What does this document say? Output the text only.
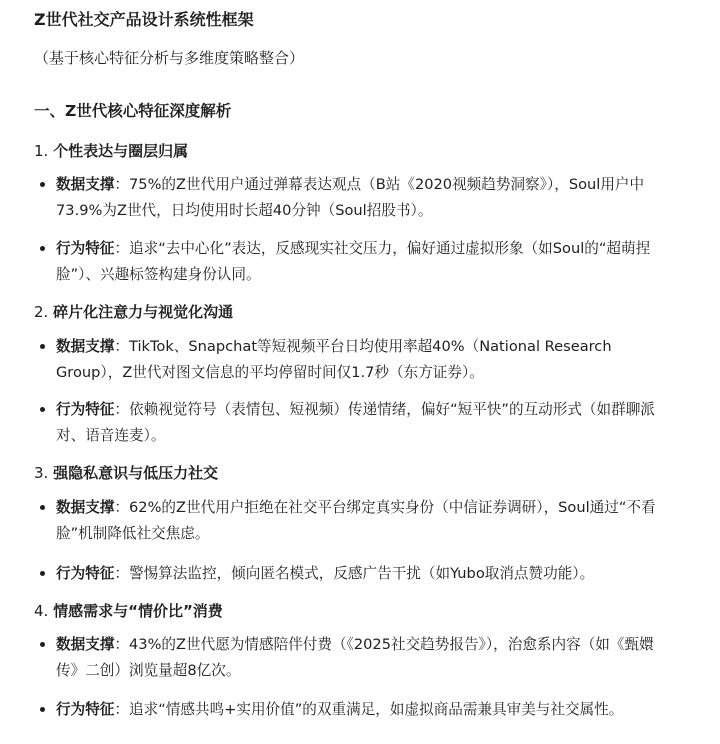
Z世代社交产品设计系统性框架
（基于核心特征分析与多维度策略整合）
一、Z世代核心特征深度解析
1. 个性表达与圈层归属
数据支撑：75%的Z世代用户通过弹幕表达观点（B站《2020视频趋势洞察》），Soul用户中73.9%为Z世代，日均使用时长超40分钟（Soul招股书）。
行为特征：追求“去中心化”表达，反感现实社交压力，偏好通过虚拟形象（如Soul的“超萌捏脸”）、兴趣标签构建身份认同。
2. 碎片化注意力与视觉化沟通
数据支撑：TikTok、Snapchat等短视频平台日均使用率超40%（National Research Group），Z世代对图文信息的平均停留时间仅1.7秒（东方证券）。
行为特征：依赖视觉符号（表情包、短视频）传递情绪，偏好“短平快”的互动形式（如群聊派对、语音连麦）。
3. 强隐私意识与低压力社交
数据支撑：62%的Z世代用户拒绝在社交平台绑定真实身份（中信证券调研），Soul通过“不看脸”机制降低社交焦虑。
行为特征：警惕算法监控，倾向匿名模式，反感广告干扰（如Yubo取消点赞功能）。
4. 情感需求与“情价比”消费
数据支撑：43%的Z世代愿为情感陪伴付费（《2025社交趋势报告》），治愈系内容（如《甄嬛传》二创）浏览量超8亿次。
行为特征：追求“情感共鸣+实用价值”的双重满足，如虚拟商品需兼具审美与社交属性。
